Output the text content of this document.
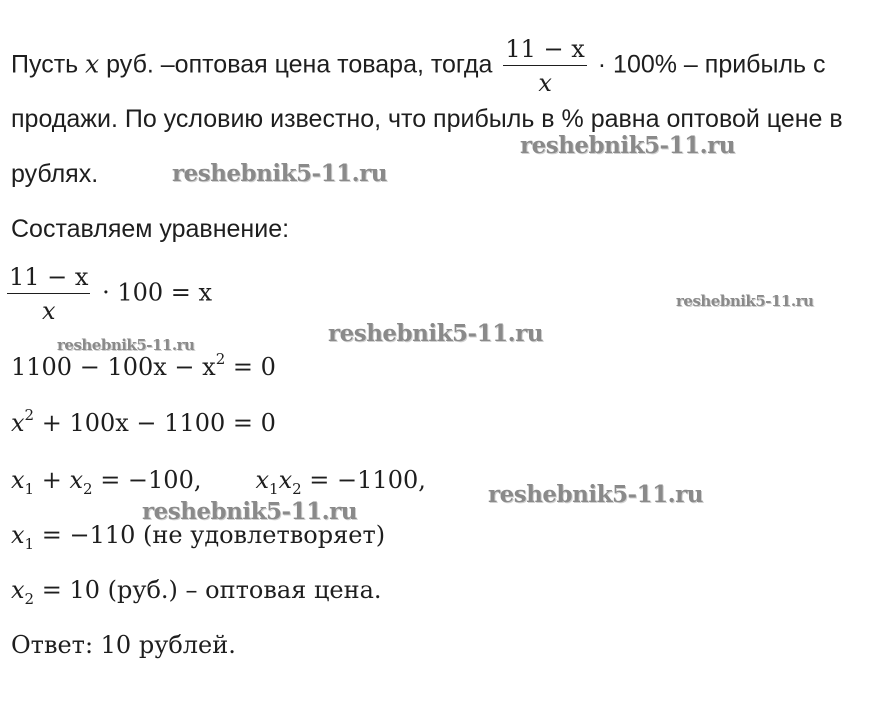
Пусть x руб. –оптовая цена товара, тогда $\frac{11 - x}{x} \cdot 100\%$ – прибыль с
продажи. По условию известно, что прибыль в % равна оптовой цене в
рублях.
Составляем уравнение:
$\frac{11 - x}{x} \cdot 100 = x$
$1100 - 100x - x^2 = 0$
$x^2 + 100x - 1100 = 0$
$x_1 + x_2 = -100$, $x_1x_2 = -1100$,
$x_1 = -110$ (не удовлетворяет)
$x_2 = 10$ (руб.) – оптовая цена.
Ответ: 10 рублей.
reshebnik5-11.ru
reshebnik5-11.ru
reshebnik5-11.ru
reshebnik5-11.ru
reshebnik5-11.ru
reshebnik5-11.ru
reshebnik5-11.ru
